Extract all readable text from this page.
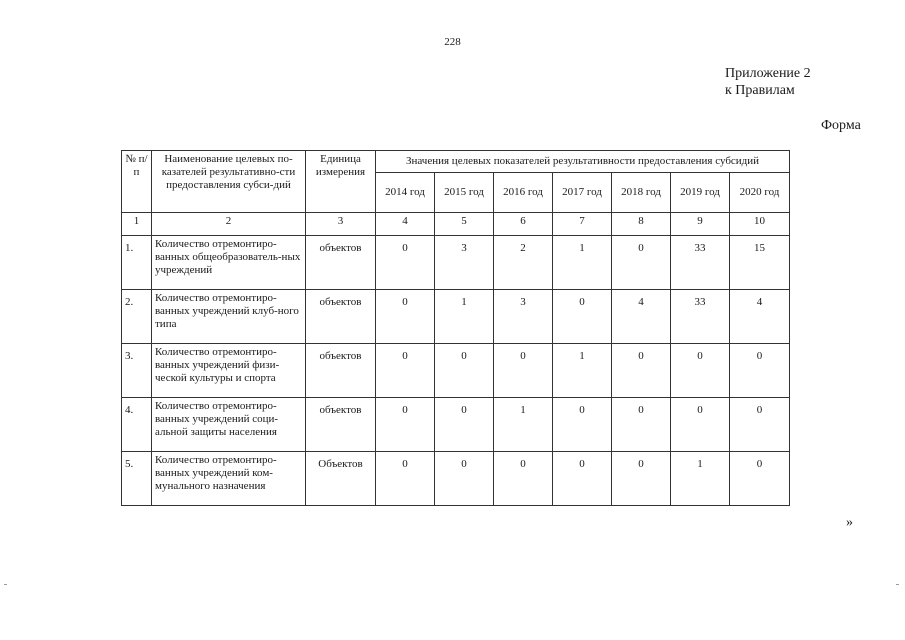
228
Приложение 2
к Правилам
Форма
№ п/п	Наименование целевых по-казателей результативно-сти предоставления субси-дий	Единица измерения	Значения целевых показателей результативности предоставления субсидий						
			2014 год	2015 год	2016 год	2017 год	2018 год	2019 год	2020 год
1	2	3	4	5	6	7	8	9	10
1.	Количество отремонтиро-ванных общеобразователь-ных учреждений	объектов	0	3	2	1	0	33	15
2.	Количество отремонтиро-ванных учреждений клуб-ного типа	объектов	0	1	3	0	4	33	4
3.	Количество отремонтиро-ванных учреждений физи-ческой культуры и спорта	объектов	0	0	0	1	0	0	0
4.	Количество отремонтиро-ванных учреждений соци-альной защиты населения	объектов	0	0	1	0	0	0	0
5.	Количество отремонтиро-ванных учреждений ком-мунального назначения	Объектов	0	0	0	0	0	1	0
»
